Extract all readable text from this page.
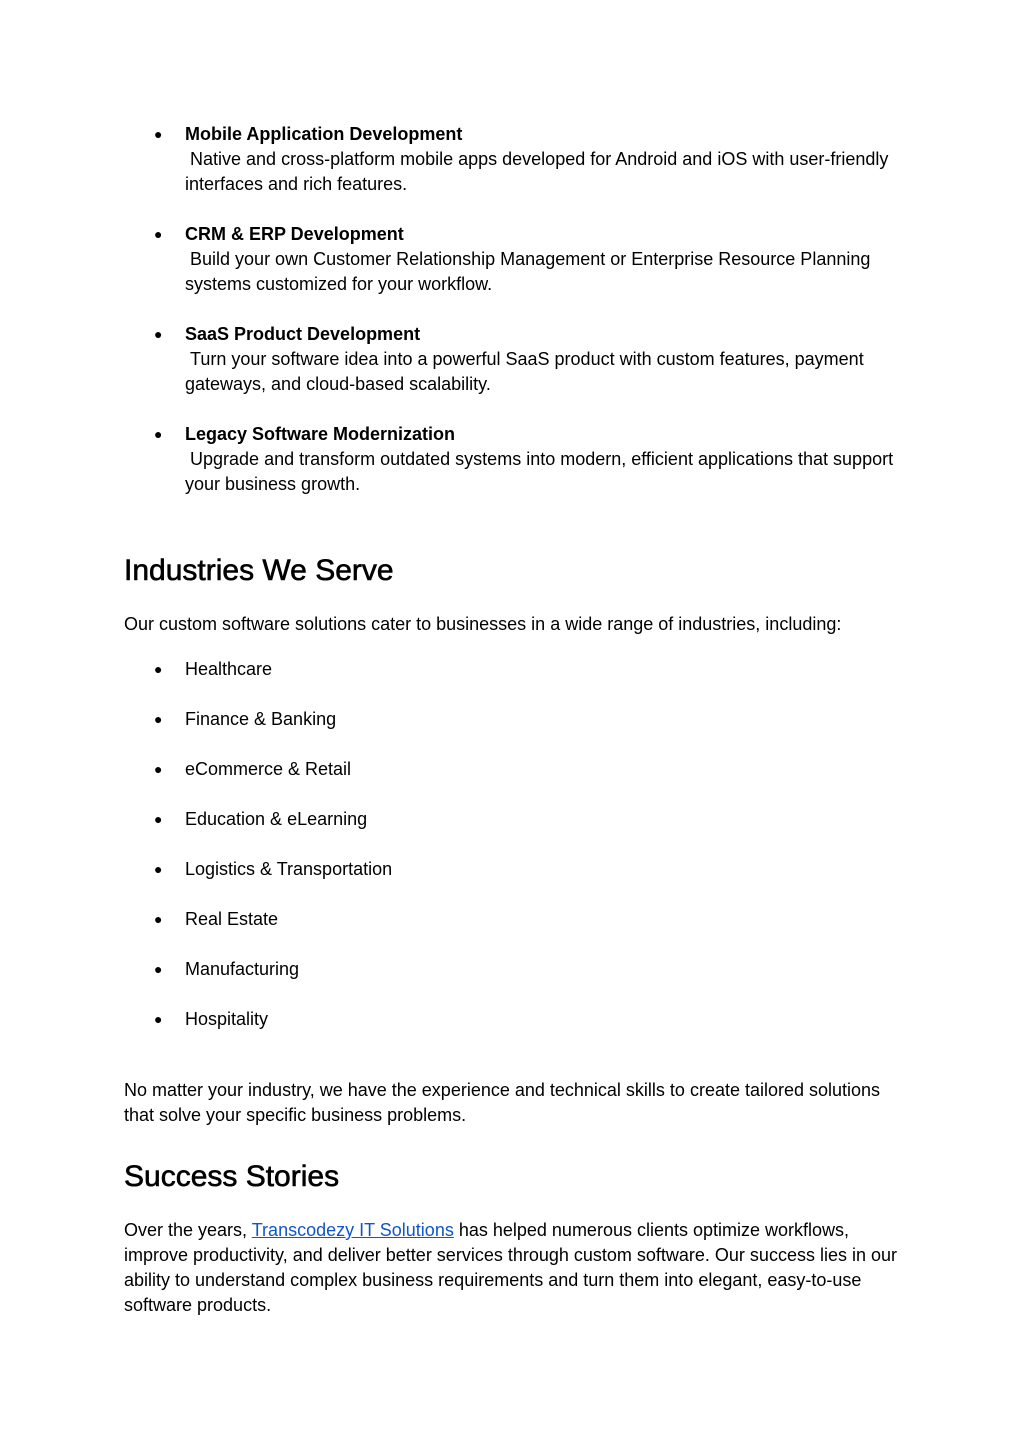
● Mobile Application Development
Native and cross-platform mobile apps developed for Android and iOS with user-friendly interfaces and rich features.
● CRM & ERP Development
Build your own Customer Relationship Management or Enterprise Resource Planning systems customized for your workflow.
● SaaS Product Development
Turn your software idea into a powerful SaaS product with custom features, payment gateways, and cloud-based scalability.
● Legacy Software Modernization
Upgrade and transform outdated systems into modern, efficient applications that support your business growth.
Industries We Serve

Our custom software solutions cater to businesses in a wide range of industries, including:

● Healthcare
● Finance & Banking
● eCommerce & Retail
● Education & eLearning
● Logistics & Transportation
● Real Estate
● Manufacturing
● Hospitality

No matter your industry, we have the experience and technical skills to create tailored solutions that solve your specific business problems.

Success Stories

Over the years, Transcodezy IT Solutions has helped numerous clients optimize workflows, improve productivity, and deliver better services through custom software. Our success lies in our ability to understand complex business requirements and turn them into elegant, easy-to-use software products.
